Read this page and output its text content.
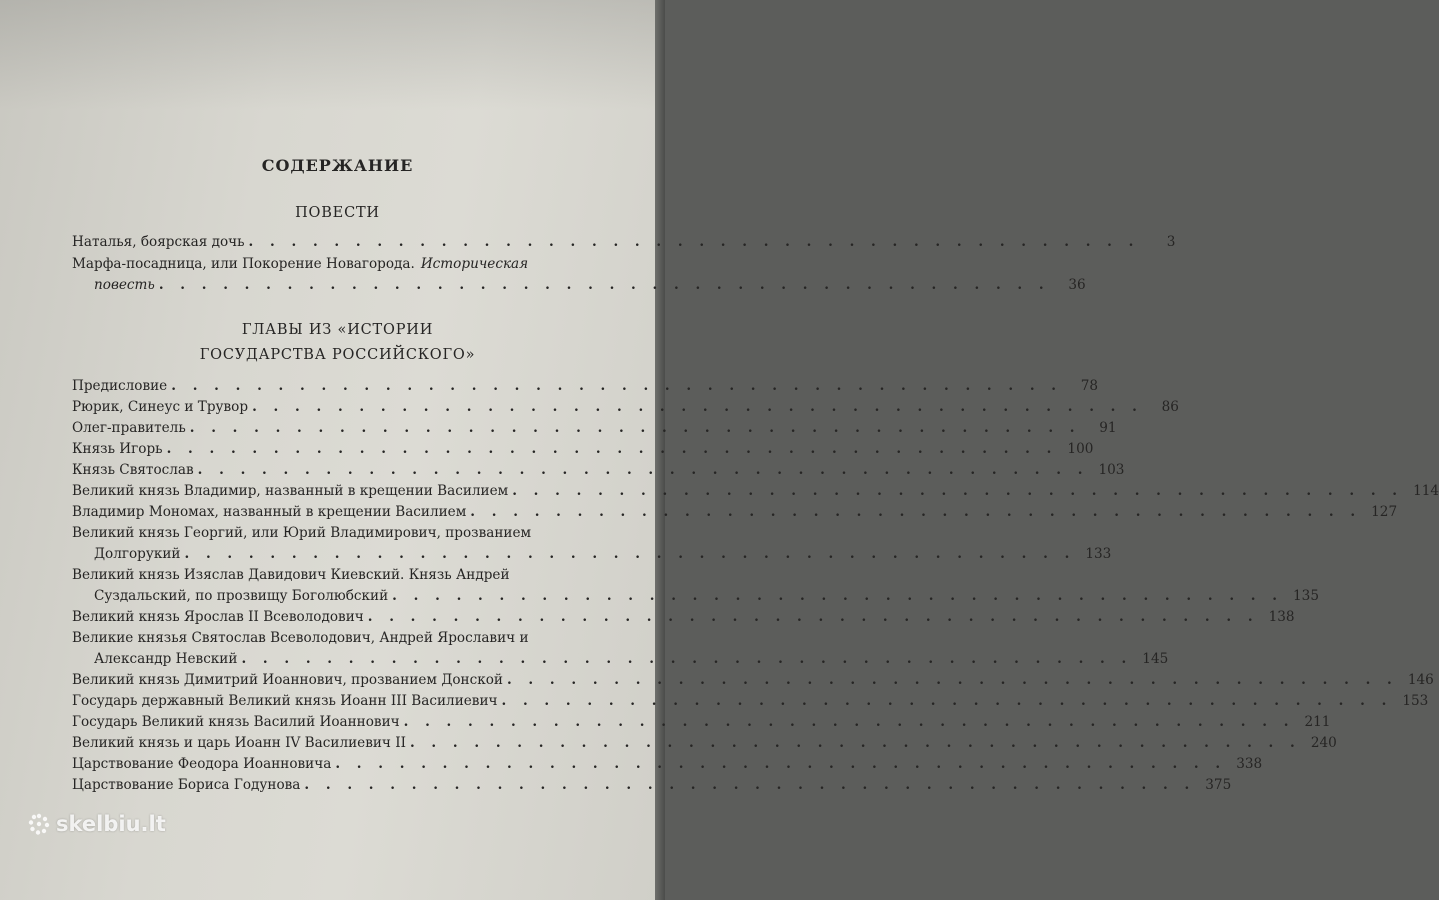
СОДЕРЖАНИЕ
ПОВЕСТИ
Наталья, боярская дочь . . . . . . . . . . . . . . . . . . . . . . . . . . . . . . . . . . . . . . . . . .	3
Марфа-посадница, или Покорение Новагорода. Историческая
повесть . . . . . . . . . . . . . . . . . . . . . . . . . . . . . . . . . . . . . . . . . .	36
ГЛАВЫ ИЗ «ИСТОРИИ
ГОСУДАРСТВА РОССИЙСКОГО»
Предисловие . . . . . . . . . . . . . . . . . . . . . . . . . . . . . . . . . . . . . . . . . .	78
Рюрик, Синеус и Трувор . . . . . . . . . . . . . . . . . . . . . . . . . . . . . . . . . . . . . . . . . .	86
Олег-правитель . . . . . . . . . . . . . . . . . . . . . . . . . . . . . . . . . . . . . . . . . .	91
Князь Игорь . . . . . . . . . . . . . . . . . . . . . . . . . . . . . . . . . . . . . . . . . . 100
Князь Святослав . . . . . . . . . . . . . . . . . . . . . . . . . . . . . . . . . . . . . . . . . . 103
Великий князь Владимир, названный в крещении Василием . . . . . . . . . . . . . . . . . . . . . . . . . . . . . . . . . . . . . . . . . . 114
Владимир Мономах, названный в крещении Василием . . . . . . . . . . . . . . . . . . . . . . . . . . . . . . . . . . . . . . . . . . 127
Великий князь Георгий, или Юрий Владимирович, прозванием
Долгорукий . . . . . . . . . . . . . . . . . . . . . . . . . . . . . . . . . . . . . . . . . . 133
Великий князь Изяслав Давидович Киевский. Князь Андрей
Суздальский, по прозвищу Боголюбский . . . . . . . . . . . . . . . . . . . . . . . . . . . . . . . . . . . . . . . . . . 135
Великий князь Ярослав II Всеволодович . . . . . . . . . . . . . . . . . . . . . . . . . . . . . . . . . . . . . . . . . . 138
Великие князья Святослав Всеволодович, Андрей Ярославич и
Александр Невский . . . . . . . . . . . . . . . . . . . . . . . . . . . . . . . . . . . . . . . . . . 145
Великий князь Димитрий Иоаннович, прозванием Донской . . . . . . . . . . . . . . . . . . . . . . . . . . . . . . . . . . . . . . . . . . 146
Государь державный Великий князь Иоанн III Василиевич . . . . . . . . . . . . . . . . . . . . . . . . . . . . . . . . . . . . . . . . . . 153
Государь Великий князь Василий Иоаннович . . . . . . . . . . . . . . . . . . . . . . . . . . . . . . . . . . . . . . . . . . 211
Великий князь и царь Иоанн IV Василиевич II . . . . . . . . . . . . . . . . . . . . . . . . . . . . . . . . . . . . . . . . . . 240
Царствование Феодора Иоанновича . . . . . . . . . . . . . . . . . . . . . . . . . . . . . . . . . . . . . . . . . . 338
Царствование Бориса Годунова . . . . . . . . . . . . . . . . . . . . . . . . . . . . . . . . . . . . . . . . . . 375
skelbiu.lt
